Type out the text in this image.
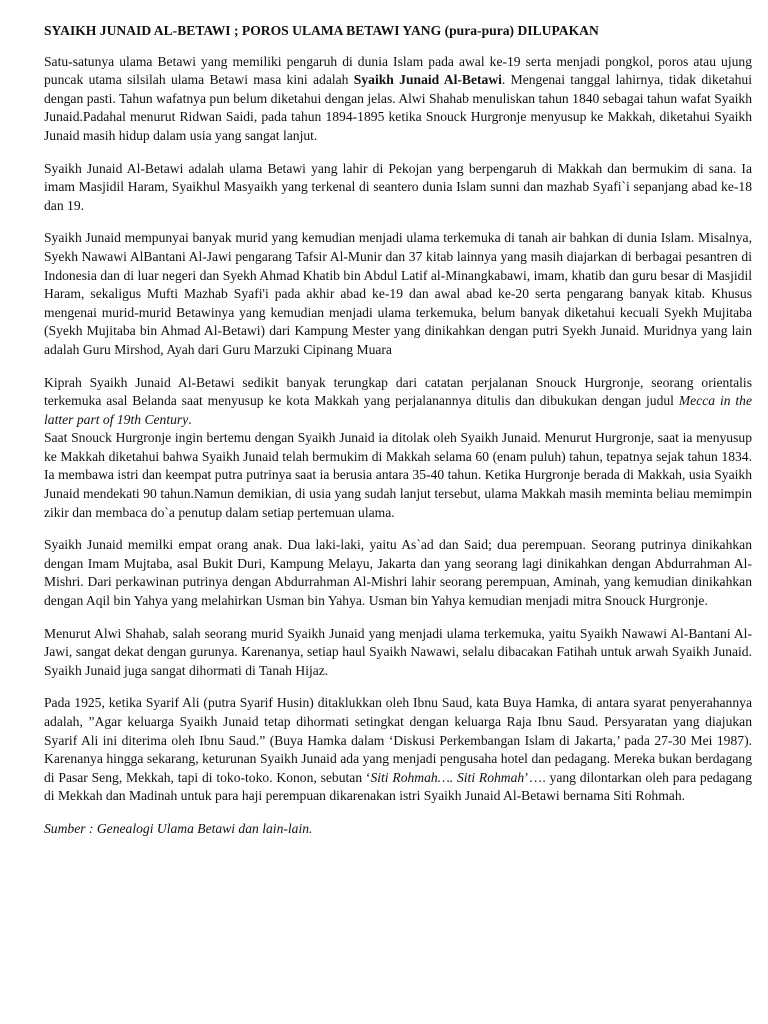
SYAIKH JUNAID AL-BETAWI ; POROS ULAMA BETAWI YANG (pura-pura) DILUPAKAN

Satu-satunya ulama Betawi yang memiliki pengaruh di dunia Islam pada awal ke-19 serta menjadi pongkol, poros atau ujung puncak utama silsilah ulama Betawi masa kini adalah Syaikh Junaid Al-Betawi. Mengenai tanggal lahirnya, tidak diketahui dengan pasti. Tahun wafatnya pun belum diketahui dengan jelas. Alwi Shahab menuliskan tahun 1840 sebagai tahun wafat Syaikh Junaid.Padahal menurut Ridwan Saidi, pada tahun 1894-1895 ketika Snouck Hurgronje menyusup ke Makkah, diketahui Syaikh Junaid masih hidup dalam usia yang sangat lanjut.

Syaikh Junaid Al-Betawi adalah ulama Betawi yang lahir di Pekojan yang berpengaruh di Makkah dan bermukim di sana. Ia imam Masjidil Haram, Syaikhul Masyaikh yang terkenal di seantero dunia Islam sunni dan mazhab Syafi`i sepanjang abad ke-18 dan 19.

Syaikh Junaid mempunyai banyak murid yang kemudian menjadi ulama terkemuka di tanah air bahkan di dunia Islam. Misalnya, Syekh Nawawi AlBantani Al-Jawi pengarang Tafsir Al-Munir dan 37 kitab lainnya yang masih diajarkan di berbagai pesantren di Indonesia dan di luar negeri dan Syekh Ahmad Khatib bin Abdul Latif al-Minangkabawi, imam, khatib dan guru besar di Masjidil Haram, sekaligus Mufti Mazhab Syafi'i pada akhir abad ke-19 dan awal abad ke-20 serta pengarang banyak kitab. Khusus mengenai murid-murid Betawinya yang kemudian menjadi ulama terkemuka, belum banyak diketahui kecuali Syekh Mujitaba (Syekh Mujitaba bin Ahmad Al-Betawi) dari Kampung Mester yang dinikahkan dengan putri Syekh Junaid. Muridnya yang lain adalah Guru Mirshod, Ayah dari Guru Marzuki Cipinang Muara

Kiprah Syaikh Junaid Al-Betawi sedikit banyak terungkap dari catatan perjalanan Snouck Hurgronje, seorang orientalis terkemuka asal Belanda saat menyusup ke kota Makkah yang perjalanannya ditulis dan dibukukan dengan judul Mecca in the latter part of 19th Century.

Saat Snouck Hurgronje ingin bertemu dengan Syaikh Junaid ia ditolak oleh Syaikh Junaid. Menurut Hurgronje, saat ia menyusup ke Makkah diketahui bahwa Syaikh Junaid telah bermukim di Makkah selama 60 (enam puluh) tahun, tepatnya sejak tahun 1834. Ia membawa istri dan keempat putra putrinya saat ia berusia antara 35-40 tahun. Ketika Hurgronje berada di Makkah, usia Syaikh Junaid mendekati 90 tahun.Namun demikian, di usia yang sudah lanjut tersebut, ulama Makkah masih meminta beliau memimpin zikir dan membaca do`a penutup dalam setiap pertemuan ulama.

Syaikh Junaid memilki empat orang anak. Dua laki-laki, yaitu As`ad dan Said; dua perempuan. Seorang putrinya dinikahkan dengan Imam Mujtaba, asal Bukit Duri, Kampung Melayu, Jakarta dan yang seorang lagi dinikahkan dengan Abdurrahman Al- Mishri. Dari perkawinan putrinya dengan Abdurrahman Al-Mishri lahir seorang perempuan, Aminah, yang kemudian dinikahkan dengan Aqil bin Yahya yang melahirkan Usman bin Yahya. Usman bin Yahya kemudian menjadi mitra Snouck Hurgronje.

Menurut Alwi Shahab, salah seorang murid Syaikh Junaid yang menjadi ulama terkemuka, yaitu Syaikh Nawawi Al-Bantani Al-Jawi, sangat dekat dengan gurunya. Karenanya, setiap haul Syaikh Nawawi, selalu dibacakan Fatihah untuk arwah Syaikh Junaid. Syaikh Junaid juga sangat dihormati di Tanah Hijaz.

Pada 1925, ketika Syarif Ali (putra Syarif Husin) ditaklukkan oleh Ibnu Saud, kata Buya Hamka, di antara syarat penyerahannya adalah, ”Agar keluarga Syaikh Junaid tetap dihormati setingkat dengan keluarga Raja Ibnu Saud. Persyaratan yang diajukan Syarif Ali ini diterima oleh Ibnu Saud.” (Buya Hamka dalam ‘Diskusi Perkembangan Islam di Jakarta,’ pada 27-30 Mei 1987). Karenanya hingga sekarang, keturunan Syaikh Junaid ada yang menjadi pengusaha hotel dan pedagang. Mereka bukan berdagang di Pasar Seng, Mekkah, tapi di toko-toko. Konon, sebutan ‘Siti Rohmah…. Siti Rohmah’…. yang dilontarkan oleh para pedagang di Mekkah dan Madinah untuk para haji perempuan dikarenakan istri Syaikh Junaid Al-Betawi bernama Siti Rohmah.

Sumber : Genealogi Ulama Betawi dan lain-lain.
